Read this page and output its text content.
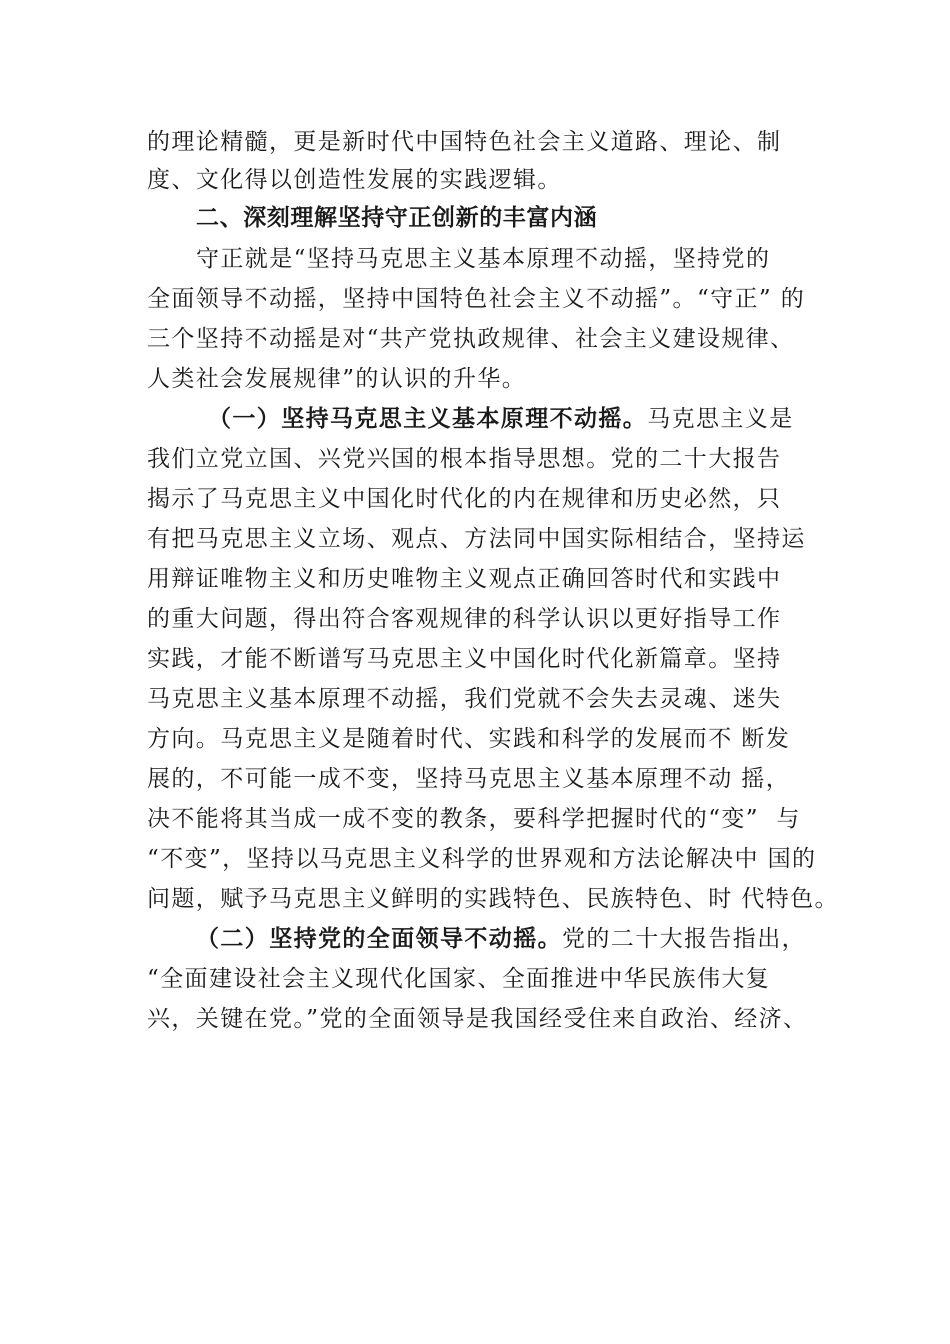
的理论精髓，更是新时代中国特色社会主义道路、理论、制
度、文化得以创造性发展的实践逻辑。
二、深刻理解坚持守正创新的丰富内涵
守正就是“坚持马克思主义基本原理不动摇，坚持党的
全面领导不动摇，坚持中国特色社会主义不动摇”。“守正” 的
三个坚持不动摇是对“共产党执政规律、社会主义建设规律、
人类社会发展规律”的认识的升华。
（一）坚持马克思主义基本原理不动摇。马克思主义是
我们立党立国、兴党兴国的根本指导思想。党的二十大报告
揭示了马克思主义中国化时代化的内在规律和历史必然，只
有把马克思主义立场、观点、方法同中国实际相结合，坚持运
用辩证唯物主义和历史唯物主义观点正确回答时代和实践中
的重大问题，得出符合客观规律的科学认识以更好指导工作
实践，才能不断谱写马克思主义中国化时代化新篇章。坚持
马克思主义基本原理不动摇，我们党就不会失去灵魂、迷失
方向。马克思主义是随着时代、实践和科学的发展而不 断发
展的，不可能一成不变，坚持马克思主义基本原理不动 摇，
决不能将其当成一成不变的教条，要科学把握时代的“变”  与
“不变”，坚持以马克思主义科学的世界观和方法论解决中 国的
问题，赋予马克思主义鲜明的实践特色、民族特色、时 代特色。
（二）坚持党的全面领导不动摇。党的二十大报告指出，
“全面建设社会主义现代化国家、全面推进中华民族伟大复
兴，关键在党。”党的全面领导是我国经受住来自政治、经济、
